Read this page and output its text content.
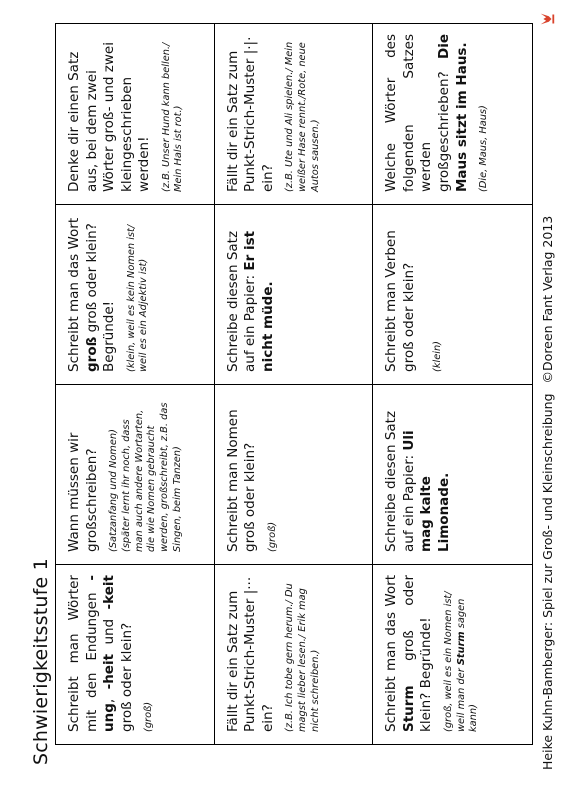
Schwierigkeitsstufe 1 Schreibt man Wörter mit den Endungen -ung, -heit und -keit groß oder klein? (groß)
Wann müssen wir großschreiben? (Satzanfang und Nomen) (später lernt ihr noch, dass man auch andere Wortarten, die wie Nomen gebraucht werden, großschreibt, z.B. das Singen, beim Tanzen)
Schreibt man das Wort groß groß oder klein? Begründe! (klein, weil es kein Nomen ist/ weil es ein Adjektiv ist)
Denke dir einen Satz aus, bei dem zwei Wörter groß- und zwei kleingeschrieben werden! (z.B. Unser Hund kann bellen./ Mein Hals ist rot.)
Fällt dir ein Satz zum Punkt-Strich-Muster |··· ein? (z.B. Ich tobe gern herum./ Du magst lieber lesen./ Erik mag nicht schreiben.)
Schreibt man Nomen groß oder klein? (groß)
Schreibe diesen Satz auf ein Papier: Er ist nicht müde.
Fällt dir ein Satz zum Punkt-Strich-Muster |·|· ein? (z.B. Ute und Ali spielen./ Mein weißer Hase rennt./Rote, neue Autos sausen.)
Schreibt man das Wort Sturm groß oder klein? Begründe! (groß, weil es ein Nomen ist/ weil man der Sturm sagen kann)
Schreibe diesen Satz auf ein Papier: Uli mag kalte Limonade.
Schreibt man Verben groß oder klein? (klein)
Welche Wörter des folgenden Satzes werden großgeschrieben? Die Maus sitzt im Haus. (Die, Maus, Haus)
Heike Kuhn-Bamberger: Spiel zur Groß- und Kleinschreibung©Doreen Fant Verlag 2013
